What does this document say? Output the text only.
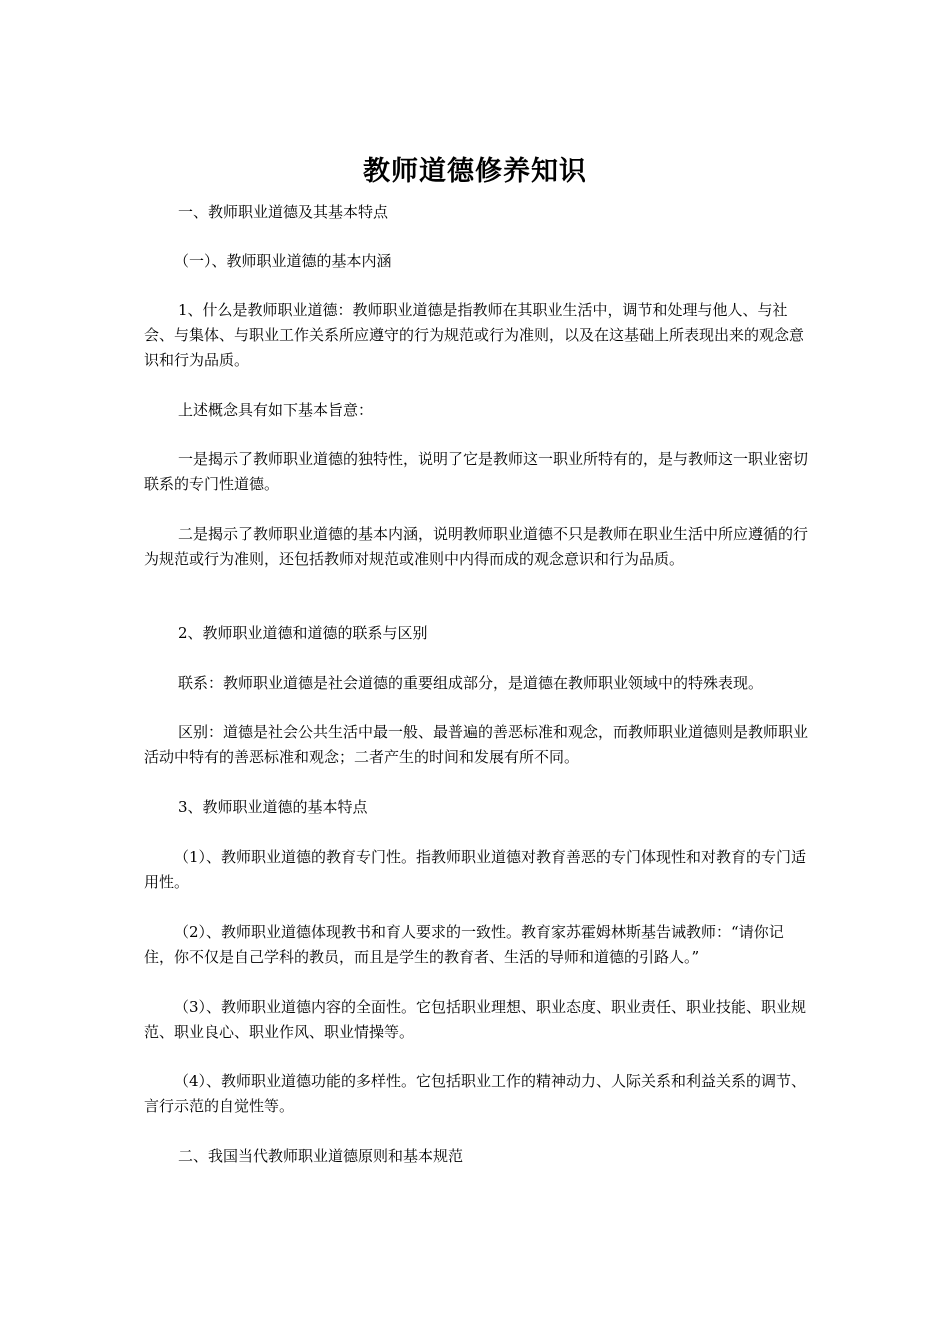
教师道德修养知识

一、教师职业道德及其基本特点

（一）、教师职业道德的基本内涵

1、什么是教师职业道德：教师职业道德是指教师在其职业生活中，调节和处理与他人、与社会、与集体、与职业工作关系所应遵守的行为规范或行为准则，以及在这基础上所表现出来的观念意识和行为品质。

上述概念具有如下基本旨意：

一是揭示了教师职业道德的独特性，说明了它是教师这一职业所特有的，是与教师这一职业密切联系的专门性道德。

二是揭示了教师职业道德的基本内涵，说明教师职业道德不只是教师在职业生活中所应遵循的行为规范或行为准则，还包括教师对规范或准则中内得而成的观念意识和行为品质。

2、教师职业道德和道德的联系与区别

联系：教师职业道德是社会道德的重要组成部分，是道德在教师职业领域中的特殊表现。

区别：道德是社会公共生活中最一般、最普遍的善恶标准和观念，而教师职业道德则是教师职业活动中特有的善恶标准和观念；二者产生的时间和发展有所不同。

3、教师职业道德的基本特点

（1）、教师职业道德的教育专门性。指教师职业道德对教育善恶的专门体现性和对教育的专门适用性。

（2）、教师职业道德体现教书和育人要求的一致性。教育家苏霍姆林斯基告诫教师：“请你记住，你不仅是自己学科的教员，而且是学生的教育者、生活的导师和道德的引路人。”

（3）、教师职业道德内容的全面性。它包括职业理想、职业态度、职业责任、职业技能、职业规范、职业良心、职业作风、职业情操等。

（4）、教师职业道德功能的多样性。它包括职业工作的精神动力、人际关系和利益关系的调节、言行示范的自觉性等。

二、我国当代教师职业道德原则和基本规范
